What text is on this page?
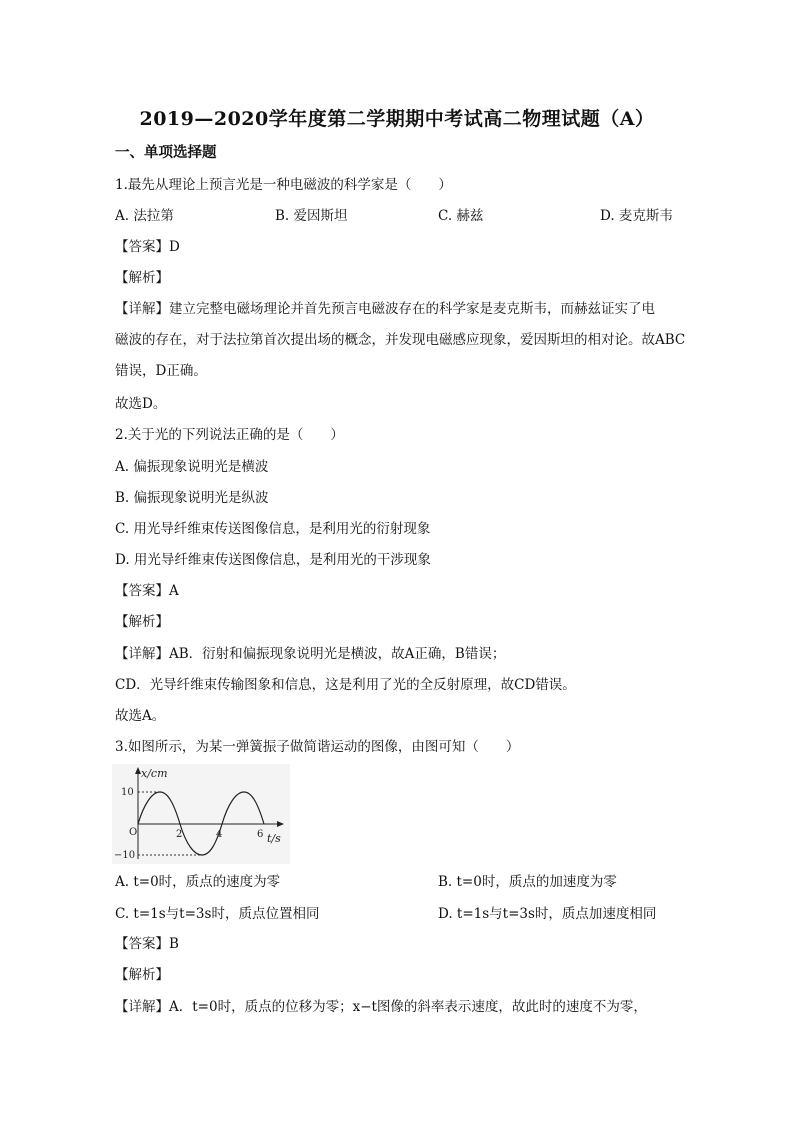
2019—2020学年度第二学期期中考试高二物理试题（A）
一、单项选择题
1.最先从理论上预言光是一种电磁波的科学家是（　　）
A. 法拉第	B. 爱因斯坦	C. 赫兹	D. 麦克斯韦
【答案】D
【解析】
【详解】建立完整电磁场理论并首先预言电磁波存在的科学家是麦克斯韦，而赫兹证实了电
磁波的存在，对于法拉第首次提出场的概念，并发现电磁感应现象，爱因斯坦的相对论。故ABC
错误，D正确。
故选D。
2.关于光的下列说法正确的是（　　）
A. 偏振现象说明光是横波
B. 偏振现象说明光是纵波
C. 用光导纤维束传送图像信息，是利用光的衍射现象
D. 用光导纤维束传送图像信息，是利用光的干涉现象
【答案】A
【解析】
【详解】AB．衍射和偏振现象说明光是横波，故A正确，B错误；
CD．光导纤维束传输图象和信息，这是利用了光的全反射原理，故CD错误。
故选A。
3.如图所示，为某一弹簧振子做简谐运动的图像，由图可知（　　）
x/cm
10
−10
O	2	4	6 t/s
A. t=0时，质点的速度为零	B. t=0时，质点的加速度为零
C. t=1s与t=3s时，质点位置相同	D. t=1s与t=3s时，质点加速度相同
【答案】B
【解析】
【详解】A．t=0时，质点的位移为零；x−t图像的斜率表示速度，故此时的速度不为零，
